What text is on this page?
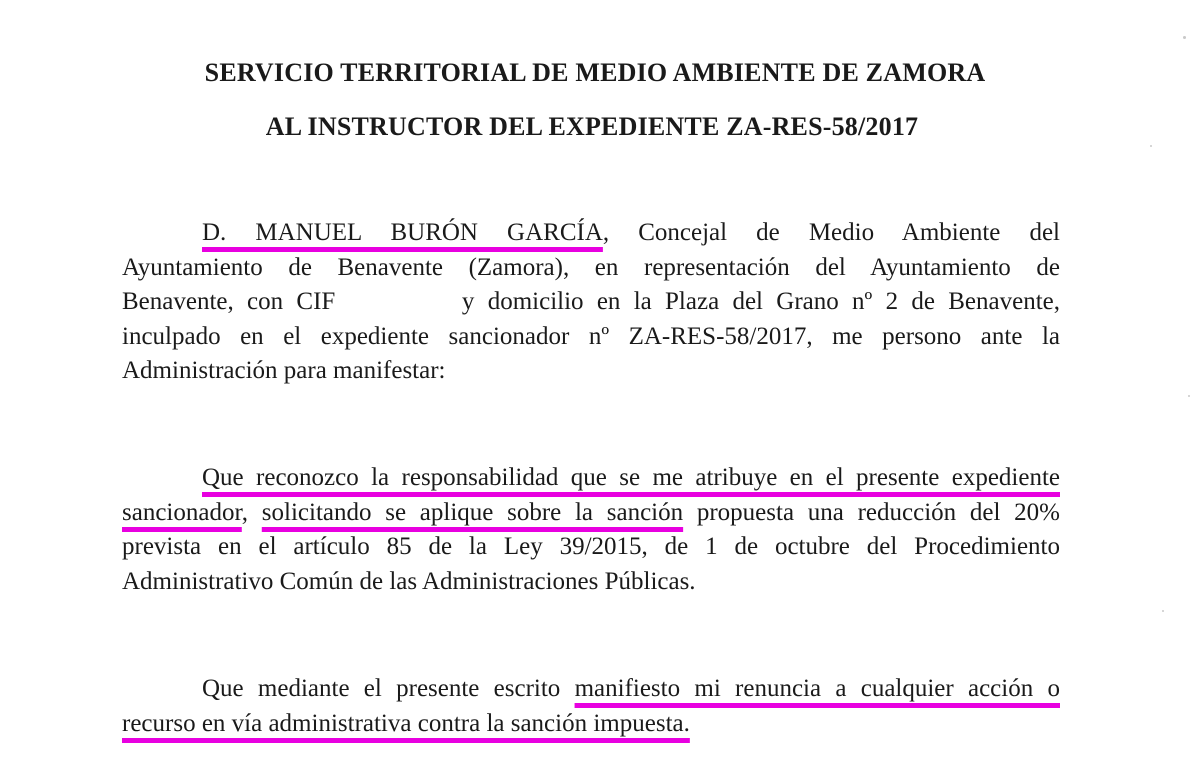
SERVICIO TERRITORIAL DE MEDIO AMBIENTE DE ZAMORA
AL INSTRUCTOR DEL EXPEDIENTE ZA-RES-58/2017
D. MANUEL BURÓN GARCÍA, Concejal de Medio Ambiente del
Ayuntamiento de Benavente (Zamora), en representación del Ayuntamiento de
Benavente, con CIF	y domicilio en la Plaza del Grano nº 2 de Benavente,
inculpado en el expediente sancionador nº ZA-RES-58/2017, me persono ante la
Administración para manifestar:
Que reconozco la responsabilidad que se me atribuye en el presente expediente
sancionador, solicitando se aplique sobre la sanción propuesta una reducción del 20%
prevista en el artículo 85 de la Ley 39/2015, de 1 de octubre del Procedimiento
Administrativo Común de las Administraciones Públicas.
Que mediante el presente escrito manifiesto mi renuncia a cualquier acción o
recurso en vía administrativa contra la sanción impuesta.
